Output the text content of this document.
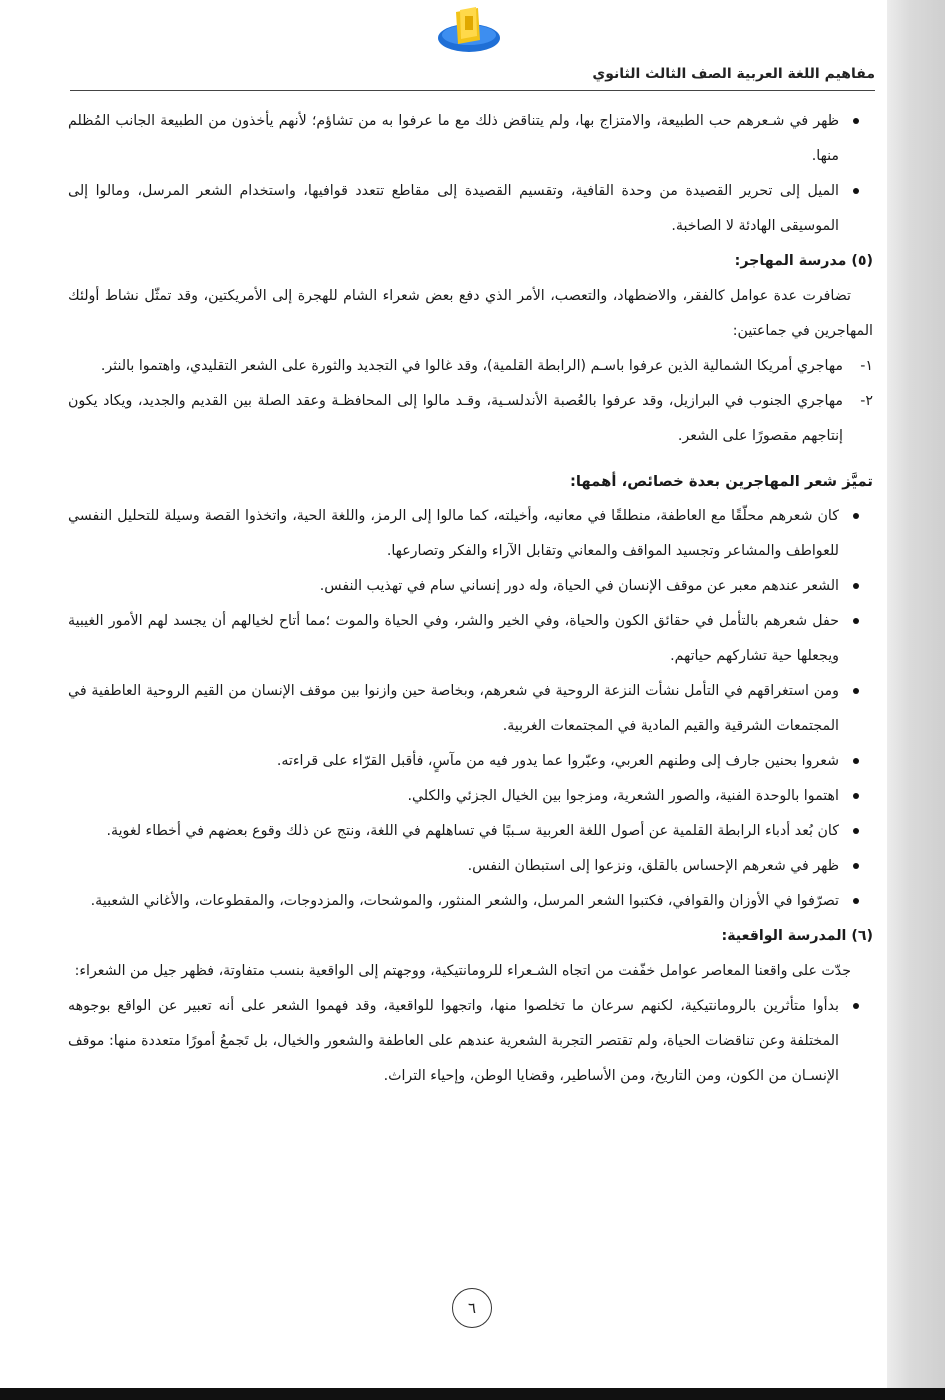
مفاهيم اللغة العربية الصف الثالث الثانوي
ظهر في شـعرهم حب الطبيعة، والامتزاج بها، ولم يتناقض ذلك مع ما عرفوا به من تشاؤم؛ لأنهم يأخذون من الطبيعة الجانب المُظلم منها.
الميل إلى تحرير القصيدة من وحدة القافية، وتقسيم القصيدة إلى مقاطع تتعدد قوافيها، واستخدام الشعر المرسل، ومالوا إلى الموسيقى الهادئة لا الصاخبة.

(٥) مدرسة المهاجر:

تضافرت عدة عوامل كالفقر، والاضطهاد، والتعصب، الأمر الذي دفع بعض شعراء الشام للهجرة إلى الأمريكتين، وقد تمثّل نشاط أولئك المهاجرين في جماعتين:

١-
مهاجري أمريكا الشمالية الذين عرفوا باسـم (الرابطة القلمية)، وقد غالوا في التجديد والثورة على الشعر التقليدي، واهتموا بالنثر.
٢-
مهاجري الجنوب في البرازيل، وقد عرفوا بالعُصبة الأندلسـية، وقـد مالوا إلى المحافظـة وعقد الصلة بين القديم والجديد، ويكاد يكون إنتاجهم مقصورًا على الشعر.

تميَّز شعر المهاجرين بعدة خصائص، أهمها:

كان شعرهم محلّقًا مع العاطفة، منطلقًا في معانيه، وأخيلته، كما مالوا إلى الرمز، واللغة الحية، واتخذوا القصة وسيلة للتحليل النفسي للعواطف والمشاعر وتجسيد المواقف والمعاني وتقابل الآراء والفكر وتصارعها.
الشعر عندهم معبر عن موقف الإنسان في الحياة، وله دور إنساني سام في تهذيب النفس.
حفل شعرهم بالتأمل في حقائق الكون والحياة، وفي الخير والشر، وفي الحياة والموت ؛مما أتاح لخيالهم أن يجسد لهم الأمور الغيبية ويجعلها حية تشاركهم حياتهم.
ومن استغراقهم في التأمل نشأت النزعة الروحية في شعرهم، وبخاصة حين وازنوا بين موقف الإنسان من القيم الروحية العاطفية في المجتمعات الشرقية والقيم المادية في المجتمعات الغربية.
شعروا بحنين جارف إلى وطنهم العربي، وعبّروا عما يدور فيه من مآسٍ، فأقبل القرّاء على قراءته.
اهتموا بالوحدة الفنية، والصور الشعرية، ومزجوا بين الخيال الجزئي والكلي.
كان بُعد أدباء الرابطة القلمية عن أصول اللغة العربية سـببًا في تساهلهم في اللغة، ونتج عن ذلك وقوع بعضهم في أخطاء لغوية.
ظهر في شعرهم الإحساس بالقلق، ونزعوا إلى استبطان النفس.
تصرّفوا في الأوزان والقوافي، فكتبوا الشعر المرسل، والشعر المنثور، والموشحات، والمزدوجات، والمقطوعات، والأغاني الشعبية.

(٦) المدرسة الواقعية:

جدّت على واقعنا المعاصر عوامل خفّفت من اتجاه الشـعراء للرومانتيكية، ووجهتم إلى الواقعية بنسب متفاوتة، فظهر جيل من الشعراء:

بدأوا متأثرين بالرومانتيكية، لكنهم سرعان ما تخلصوا منها، واتجهوا للواقعية، وقد فهموا الشعر على أنه تعبير عن الواقع بوجوهه المختلفة وعن تناقضات الحياة، ولم تقتصر التجربة الشعرية عندهم على العاطفة والشعور والخيال، بل تَجمعُ أمورًا متعددة منها: موقف الإنسـان من الكون، ومن التاريخ، ومن الأساطير، وقضايا الوطن، وإحياء التراث.
٦
